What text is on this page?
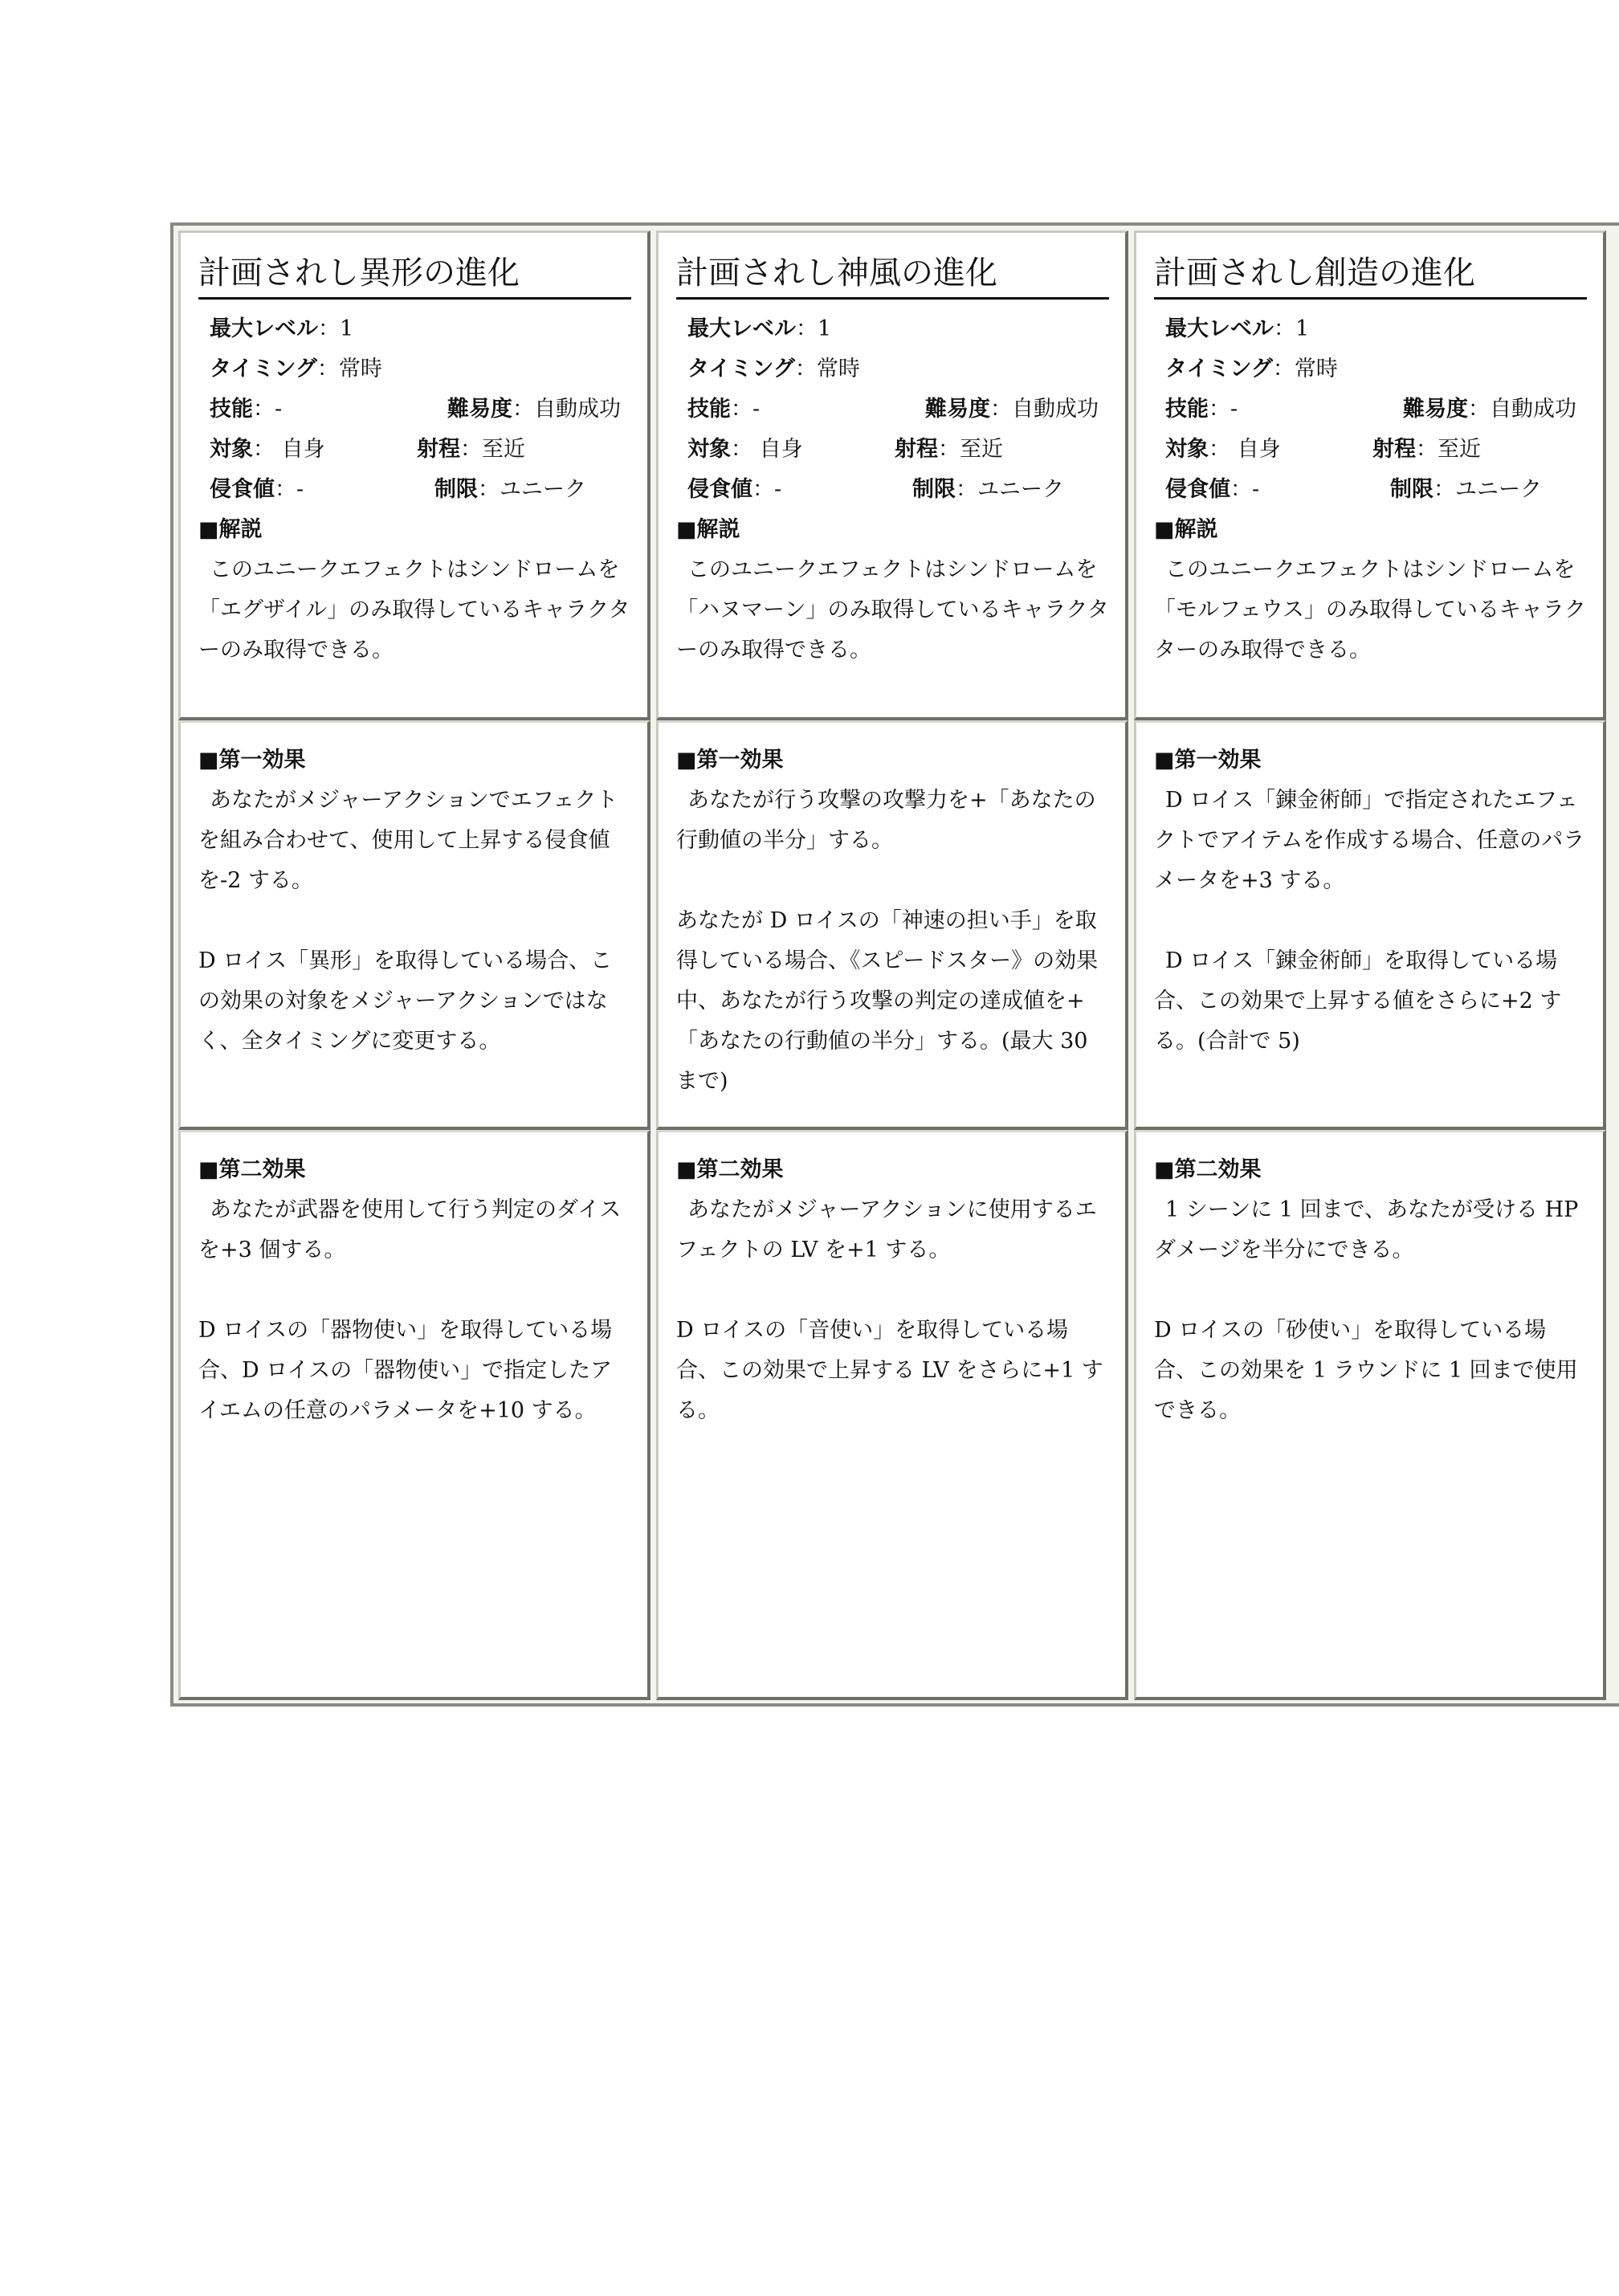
計画されし異形の進化
最大レベル：1
タイミング：常時
技能：-	難易度：自動成功
対象： 自身	射程：至近
侵食値：-	制限：ユニーク
■解説

このユニークエフェクトはシンドロームを「エグザイル」のみ取得しているキャラクターのみ取得できる。

計画されし神風の進化
最大レベル：1
タイミング：常時
技能：-	難易度：自動成功
対象： 自身	射程：至近
侵食値：-	制限：ユニーク
■解説

このユニークエフェクトはシンドロームを「ハヌマーン」のみ取得しているキャラクターのみ取得できる。

計画されし創造の進化
最大レベル：1
タイミング：常時
技能：-	難易度：自動成功
対象： 自身	射程：至近
侵食値：-	制限：ユニーク
■解説

このユニークエフェクトはシンドロームを「モルフェウス」のみ取得しているキャラクターのみ取得できる。

■第一効果

あなたがメジャーアクションでエフェクトを組み合わせて、使用して上昇する侵食値を-2 する。

D ロイス「異形」を取得している場合、この効果の対象をメジャーアクションではなく、全タイミングに変更する。

■第一効果

あなたが行う攻撃の攻撃力を+「あなたの行動値の半分」する。

あなたが D ロイスの「神速の担い手」を取得している場合、《スピードスター》の効果中、あなたが行う攻撃の判定の達成値を+「あなたの行動値の半分」する。(最大 30 まで)

■第一効果

D ロイス「錬金術師」で指定されたエフェクトでアイテムを作成する場合、任意のパラメータを+3 する。

D ロイス「錬金術師」を取得している場合、この効果で上昇する値をさらに+2 する。(合計で 5)

■第二効果

あなたが武器を使用して行う判定のダイスを+3 個する。

D ロイスの「器物使い」を取得している場合、D ロイスの「器物使い」で指定したアイエムの任意のパラメータを+10 する。

■第二効果

あなたがメジャーアクションに使用するエフェクトの LV を+1 する。

D ロイスの「音使い」を取得している場合、この効果で上昇する LV をさらに+1 する。

■第二効果

1 シーンに 1 回まで、あなたが受ける HP ダメージを半分にできる。

D ロイスの「砂使い」を取得している場合、この効果を 1 ラウンドに 1 回まで使用できる。
